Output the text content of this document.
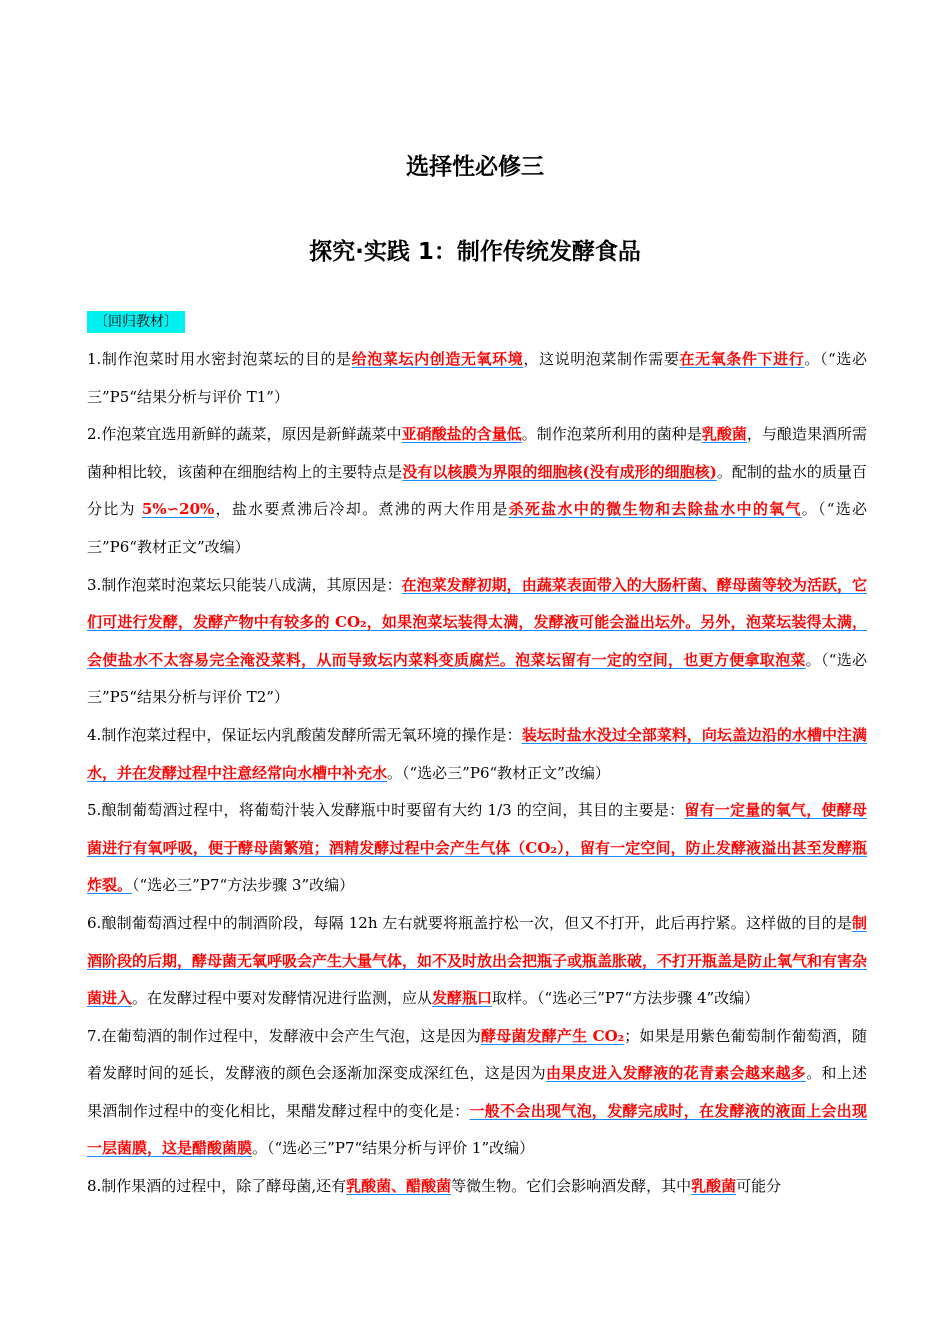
选择性必修三
探究·实践 1：制作传统发酵食品
〔回归教材〕

1.制作泡菜时用水密封泡菜坛的目的是给泡菜坛内创造无氧环境，这说明泡菜制作需要在无氧条件下进行。（“选必三”P5“结果分析与评价 T1”）

2.作泡菜宜选用新鲜的蔬菜，原因是新鲜蔬菜中亚硝酸盐的含量低。制作泡菜所利用的菌种是乳酸菌，与酿造果酒所需菌种相比较，该菌种在细胞结构上的主要特点是没有以核膜为界限的细胞核(没有成形的细胞核)。配制的盐水的质量百分比为 5%∽20%，盐水要煮沸后冷却。煮沸的两大作用是杀死盐水中的微生物和去除盐水中的氧气。（“选必三”P6“教材正文”改编）

3.制作泡菜时泡菜坛只能装八成满，其原因是：在泡菜发酵初期，由蔬菜表面带入的大肠杆菌、酵母菌等较为活跃，它们可进行发酵，发酵产物中有较多的 CO₂，如果泡菜坛装得太满，发酵液可能会溢出坛外。另外，泡菜坛装得太满，会使盐水不太容易完全淹没菜料，从而导致坛内菜料变质腐烂。泡菜坛留有一定的空间，也更方便拿取泡菜。（“选必三”P5“结果分析与评价 T2”）

4.制作泡菜过程中，保证坛内乳酸菌发酵所需无氧环境的操作是：装坛时盐水没过全部菜料，向坛盖边沿的水槽中注满水，并在发酵过程中注意经常向水槽中补充水。（“选必三”P6“教材正文”改编）

5.酿制葡萄酒过程中，将葡萄汁装入发酵瓶中时要留有大约 1/3 的空间，其目的主要是：留有一定量的氧气，使酵母菌进行有氧呼吸，便于酵母菌繁殖；酒精发酵过程中会产生气体（CO₂），留有一定空间，防止发酵液溢出甚至发酵瓶炸裂。（“选必三”P7“方法步骤 3”改编）

6.酿制葡萄酒过程中的制酒阶段，每隔 12h 左右就要将瓶盖拧松一次，但又不打开，此后再拧紧。这样做的目的是制酒阶段的后期，酵母菌无氧呼吸会产生大量气体，如不及时放出会把瓶子或瓶盖胀破，不打开瓶盖是防止氧气和有害杂菌进入。在发酵过程中要对发酵情况进行监测，应从发酵瓶口取样。（“选必三”P7“方法步骤 4”改编）

7.在葡萄酒的制作过程中，发酵液中会产生气泡，这是因为酵母菌发酵产生 CO₂；如果是用紫色葡萄制作葡萄酒，随着发酵时间的延长，发酵液的颜色会逐渐加深变成深红色，这是因为由果皮进入发酵液的花青素会越来越多。和上述果酒制作过程中的变化相比，果醋发酵过程中的变化是：一般不会出现气泡，发酵完成时，在发酵液的液面上会出现一层菌膜，这是醋酸菌膜。（“选必三”P7“结果分析与评价 1”改编）

8.制作果酒的过程中，除了酵母菌,还有乳酸菌、醋酸菌等微生物。它们会影响酒发酵，其中乳酸菌可能分
